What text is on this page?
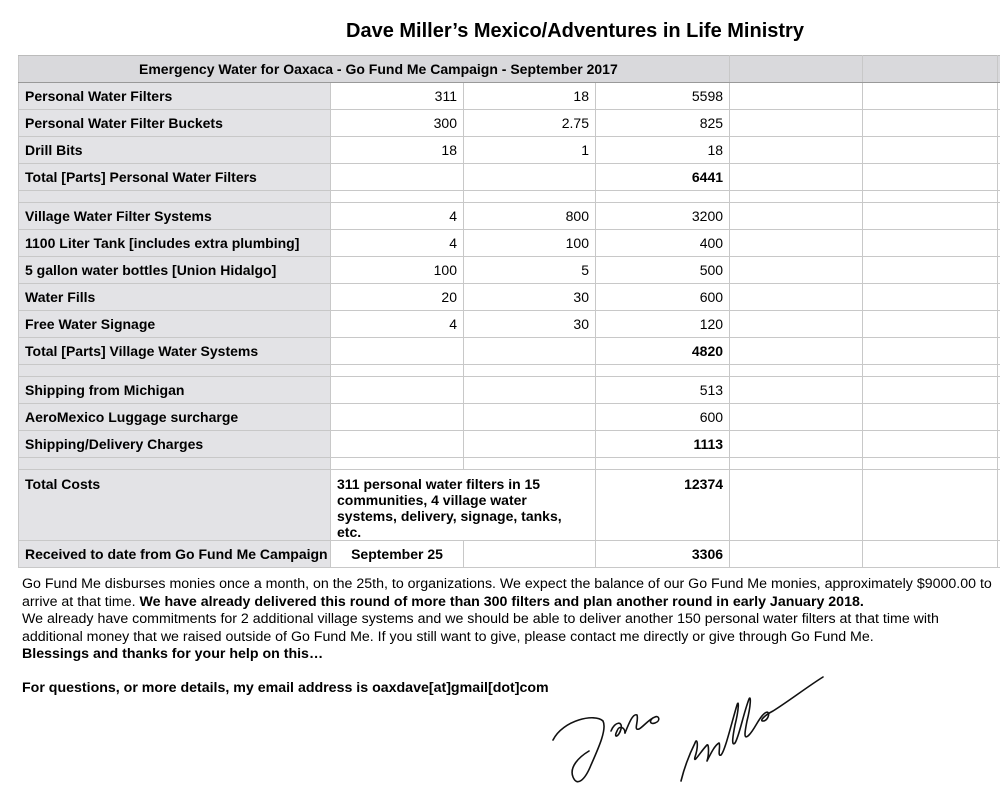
Dave Miller’s Mexico/Adventures in Life Ministry
Emergency Water for Oaxaca - Go Fund Me Campaign - September 2017						
Personal Water Filters	311	18	5598			
Personal Water Filter Buckets	300	2.75	825			
Drill Bits	18	1	18			
Total [Parts] Personal Water Filters			6441			

Village Water Filter Systems	4	800	3200			
1100 Liter Tank [includes extra plumbing]	4	100	400			
5 gallon water bottles [Union Hidalgo]	100	5	500			
Water Fills	20	30	600			
Free Water Signage	4	30	120			
Total [Parts] Village Water Systems			4820			

Shipping from Michigan			513			
AeroMexico Luggage surcharge			600			
Shipping/Delivery Charges			1113			

Total Costs	311 personal water filters in 15 communities, 4 village water systems, delivery, signage, tanks, etc.		12374			
Received to date from Go Fund Me Campaign	September 25		3306			

Go Fund Me disburses monies once a month, on the 25th, to organizations. We expect the balance of our Go Fund Me monies, approximately $9000.00 to arrive at that time. We have already delivered this round of more than 300 filters and plan another round in early January 2018.

We already have commitments for 2 additional village systems and we should be able to deliver another 150 personal water filters at that time with additional money that we raised outside of Go Fund Me. If you still want to give, please contact me directly or give through Go Fund Me.

Blessings and thanks for your help on this…

For questions, or more details, my email address is oaxdave[at]gmail[dot]com
